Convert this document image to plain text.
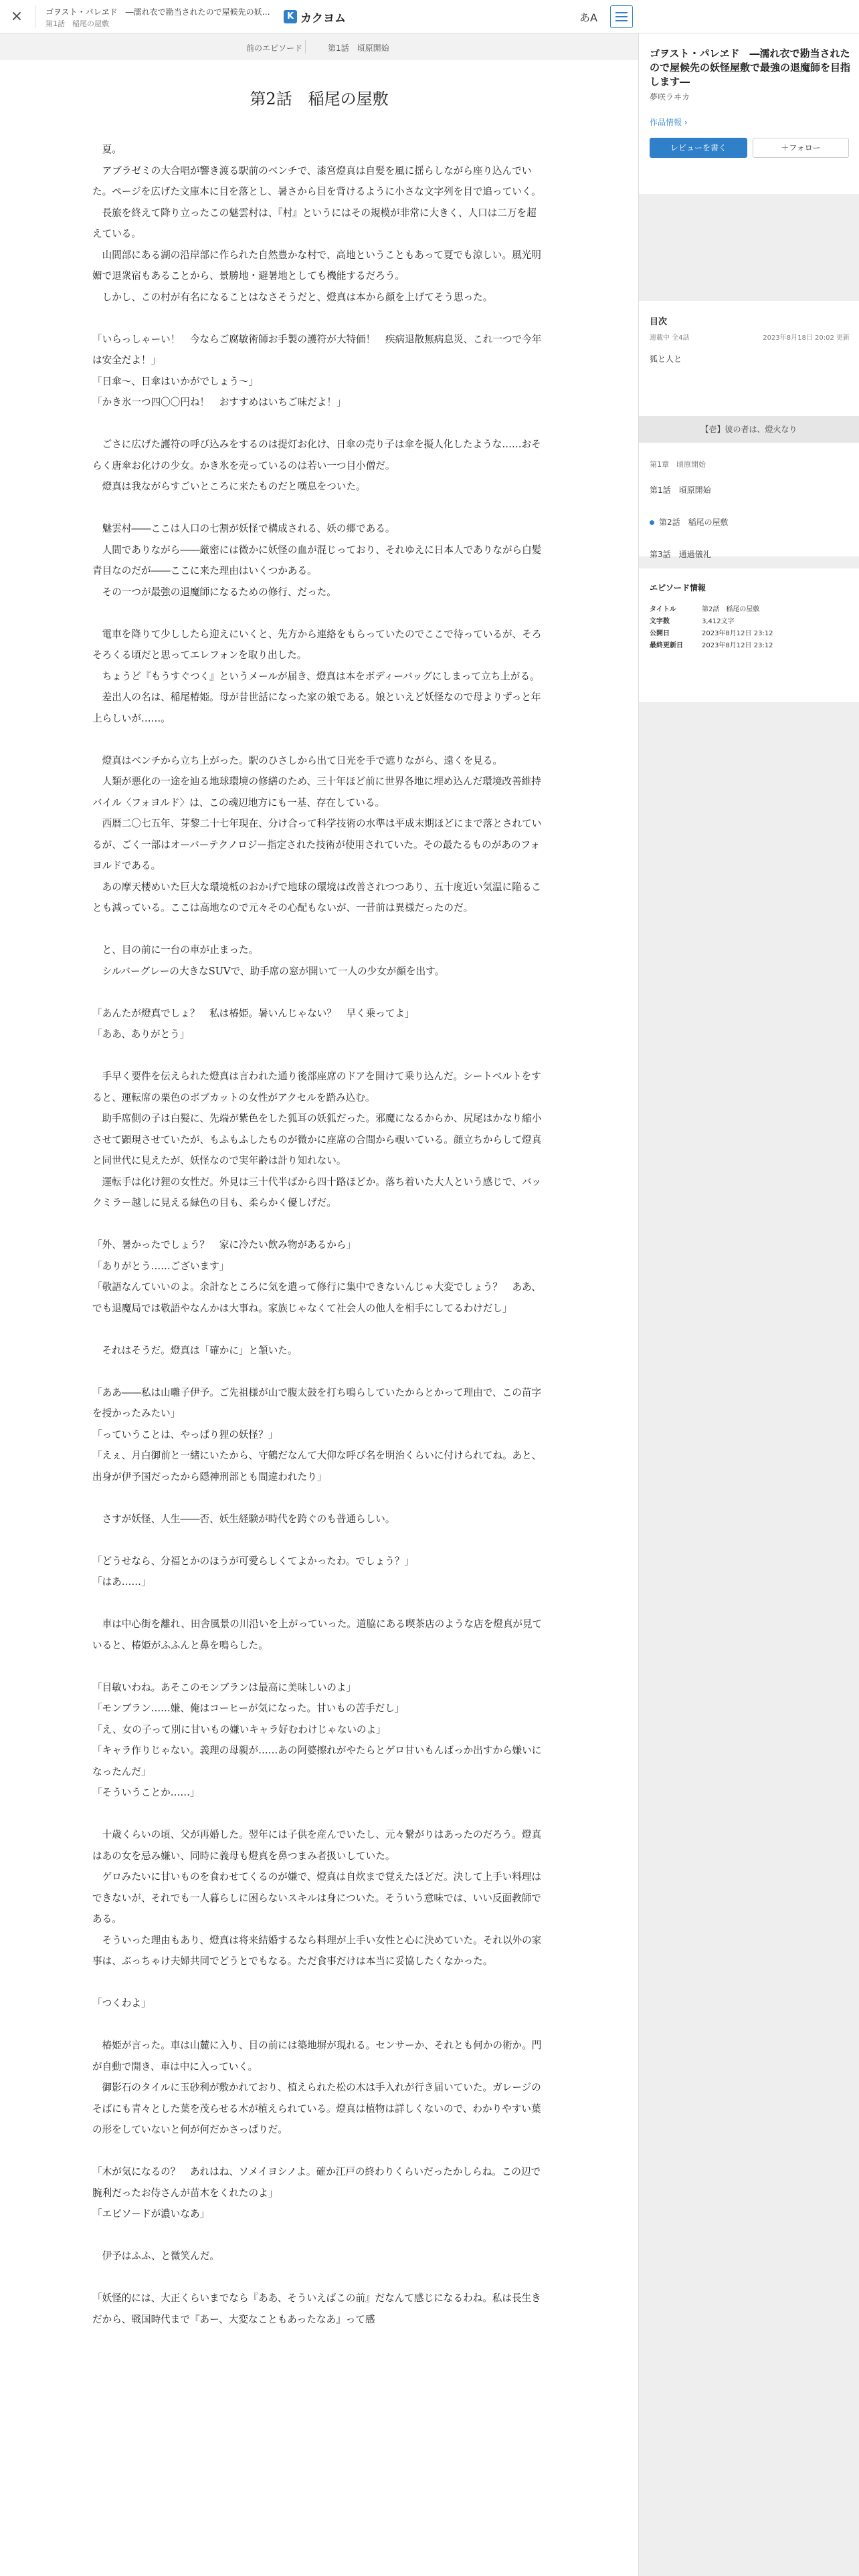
×	ゴヲスト・パレヱド　―濡れ衣で勘当されたので屋候先の妖…
第1話　稲尾の屋敷
K カクヨム	あA
前のエピソード	第1話　頃原開始
第2話　稲尾の屋敷

　夏。

　アブラゼミの大合唱が響き渡る駅前のベンチで、漆宮燈真は自髪を風に揺らしながら座り込んでいた。ページを広げた文庫本に目を落とし、暑さから目を背けるように小さな文字列を目で追っていく。

　長旅を終えて降り立ったこの魅雲村は、『村』というにはその規模が非常に大きく、人口は二万を超えている。

　山間部にある湖の沿岸部に作られた自然豊かな村で、高地ということもあって夏でも涼しい。風光明媚で退衆宿もあることから、景勝地・避暑地としても機能するだろう。

　しかし、この村が有名になることはなさそうだと、燈真は本から顔を上げてそう思った。

「いらっしゃーい！　今ならご腐敏術師お手製の護符が大特価！　疾病退散無病息災、これ一つで今年は安全だよ！」

「日傘～、日傘はいかがでしょう～」

「かき氷一つ四〇〇円ね！　おすすめはいちご味だよ！」

　ごさに広げた護符の呼び込みをするのは提灯お化け、日傘の売り子は傘を擬人化したような……おそらく唐傘お化けの少女。かき氷を売っているのは若い一つ目小僧だ。

　燈真は我ながらすごいところに来たものだと嘆息をついた。

　魅雲村――ここは人口の七割が妖怪で構成される、妖の郷である。

　人間でありながら――厳密には微かに妖怪の血が混じっており、それゆえに日本人でありながら白髪青目なのだが――ここに来た理由はいくつかある。

　その一つが最強の退魔師になるための修行、だった。

　電車を降りて少ししたら迎えにいくと、先方から連絡をもらっていたのでここで待っているが、そろそろくる頃だと思ってエレフォンを取り出した。

　ちょうど『もうすぐつく』というメールが届き、燈真は本をボディーバッグにしまって立ち上がる。

　差出人の名は、稲尾椿姫。母が昔世話になった家の娘である。娘といえど妖怪なので母よりずっと年上らしいが……。

　燈真はベンチから立ち上がった。駅のひさしから出て日光を手で遮りながら、遠くを見る。

　人類が悪化の一途を辿る地球環境の修繕のため、三十年ほど前に世界各地に埋め込んだ環境改善維持バイル〈フォヨルド〉は、この魂辺地方にも一基、存在している。

　西暦二〇七五年、芽黎二十七年現在、分け合って科学技術の水準は平成末期ほどにまで落とされているが、ごく一部はオーバーテクノロジー指定された技術が使用されていた。その最たるものがあのフォヨルドである。

　あの摩天楼めいた巨大な環境柢のおかげで地球の環境は改善されつつあり、五十度近い気温に陥ることも減っている。ここは高地なので元々その心配もないが、一昔前は異様だったのだ。

　と、目の前に一台の車が止まった。

　シルバーグレーの大きなSUVで、助手席の窓が開いて一人の少女が顔を出す。

「あんたが燈真でしょ？　私は椿姫。暑いんじゃない？　早く乗ってよ」

「ああ、ありがとう」

　手早く要件を伝えられた燈真は言われた通り後部座席のドアを開けて乗り込んだ。シートベルトをすると、運転席の栗色のボブカットの女性がアクセルを踏み込む。

　助手席側の子は白髪に、先端が紫色をした狐耳の妖狐だった。邪魔になるからか、尻尾はかなり縮小させて顕現させていたが、もふもふしたものが微かに座席の合間から覗いている。顔立ちからして燈真と同世代に見えたが、妖怪なので実年齢は計り知れない。

　運転手は化け狸の女性だ。外見は三十代半ばから四十路ほどか。落ち着いた大人という感じで、バックミラー越しに見える緑色の目も、柔らかく優しげだ。

「外、暑かったでしょう？　家に冷たい飲み物があるから」

「ありがとう……ございます」

「敬語なんていいのよ。余計なところに気を遣って修行に集中できないんじゃ大変でしょう？　ああ、でも退魔局では敬語やなんかは大事ね。家族じゃなくて社会人の他人を相手にしてるわけだし」

　それはそうだ。燈真は「確かに」と頷いた。

「ああ――私は山囃子伊予。ご先祖様が山で腹太鼓を打ち鳴らしていたからとかって理由で、この苗字を授かったみたい」

「っていうことは、やっぱり狸の妖怪？」

「えぇ、月白御前と一緒にいたから、守鶴だなんて大仰な呼び名を明治くらいに付けられてね。あと、出身が伊予国だったから隠神刑部とも間違われたり」

　さすが妖怪、人生――否、妖生経験が時代を跨ぐのも普通らしい。

「どうせなら、分福とかのほうが可愛らしくてよかったわ。でしょう？」

「はあ……」

　車は中心街を離れ、田舎風景の川沿いを上がっていった。道脇にある喫茶店のような店を燈真が見ていると、椿姫がふふんと鼻を鳴らした。

「目敏いわね。あそこのモンブランは最高に美味しいのよ」

「モンブラン……嫌、俺はコーヒーが気になった。甘いもの苦手だし」

「え、女の子って別に甘いもの嫌いキャラ好むわけじゃないのよ」

「キャラ作りじゃない。義理の母親が……あの阿婆擦れがやたらとゲロ甘いもんばっか出すから嫌いになったんだ」

「そういうことか……」

　十歳くらいの頃、父が再婚した。翌年には子供を産んでいたし、元々繋がりはあったのだろう。燈真はあの女を忌み嫌い、同時に義母も燈真を鼻つまみ者扱いしていた。

　ゲロみたいに甘いものを食わせてくるのが嫌で、燈真は自炊まで覚えたほどだ。決して上手い料理はできないが、それでも一人暮らしに困らないスキルは身についた。そういう意味では、いい反面教師である。

　そういった理由もあり、燈真は将来結婚するなら料理が上手い女性と心に決めていた。それ以外の家事は、ぶっちゃけ夫婦共同でどうとでもなる。ただ食事だけは本当に妥協したくなかった。

「つくわよ」

　椿姫が言った。車は山麓に入り、目の前には築地塀が現れる。センサーか、それとも何かの術か。門が自動で開き、車は中に入っていく。

　御影石のタイルに玉砂利が敷かれており、植えられた松の木は手入れが行き届いていた。ガレージのそばにも青々とした葉を茂らせる木が植えられている。燈真は植物は詳しくないので、わかりやすい葉の形をしていないと何が何だかさっぱりだ。

「木が気になるの？　あれはね、ソメイヨシノよ。確か江戸の終わりくらいだったかしらね。この辺で腕利だったお侍さんが苗木をくれたのよ」

「エピソードが濃いなあ」

　伊予はふふ、と微笑んだ。

「妖怪的には、大正くらいまでなら『ああ、そういえばこの前』だなんて感じになるわね。私は長生きだから、戦国時代まで『あー、大変なこともあったなあ』って感

ゴヲスト・パレヱド　―濡れ衣で勘当されたので屋候先の妖怪屋敷で最強の退魔師を目指します―
夢咲ラヰカ
作品情報 ›
レビューを書く	＋フォロー
目次
連載中 全4話	2023年8月18日 20:02 更新
狐と人と
【壱】彼の者は、燈火なり
第1章　頃原開始
第1話　頃原開始
第2話　稲尾の屋敷
第3話　通過儀礼
エピソード情報
タイトル	第2話　稲尾の屋敷
文字数	3,412文字
公開日	2023年8月12日 23:12
最終更新日	2023年8月12日 23:12
